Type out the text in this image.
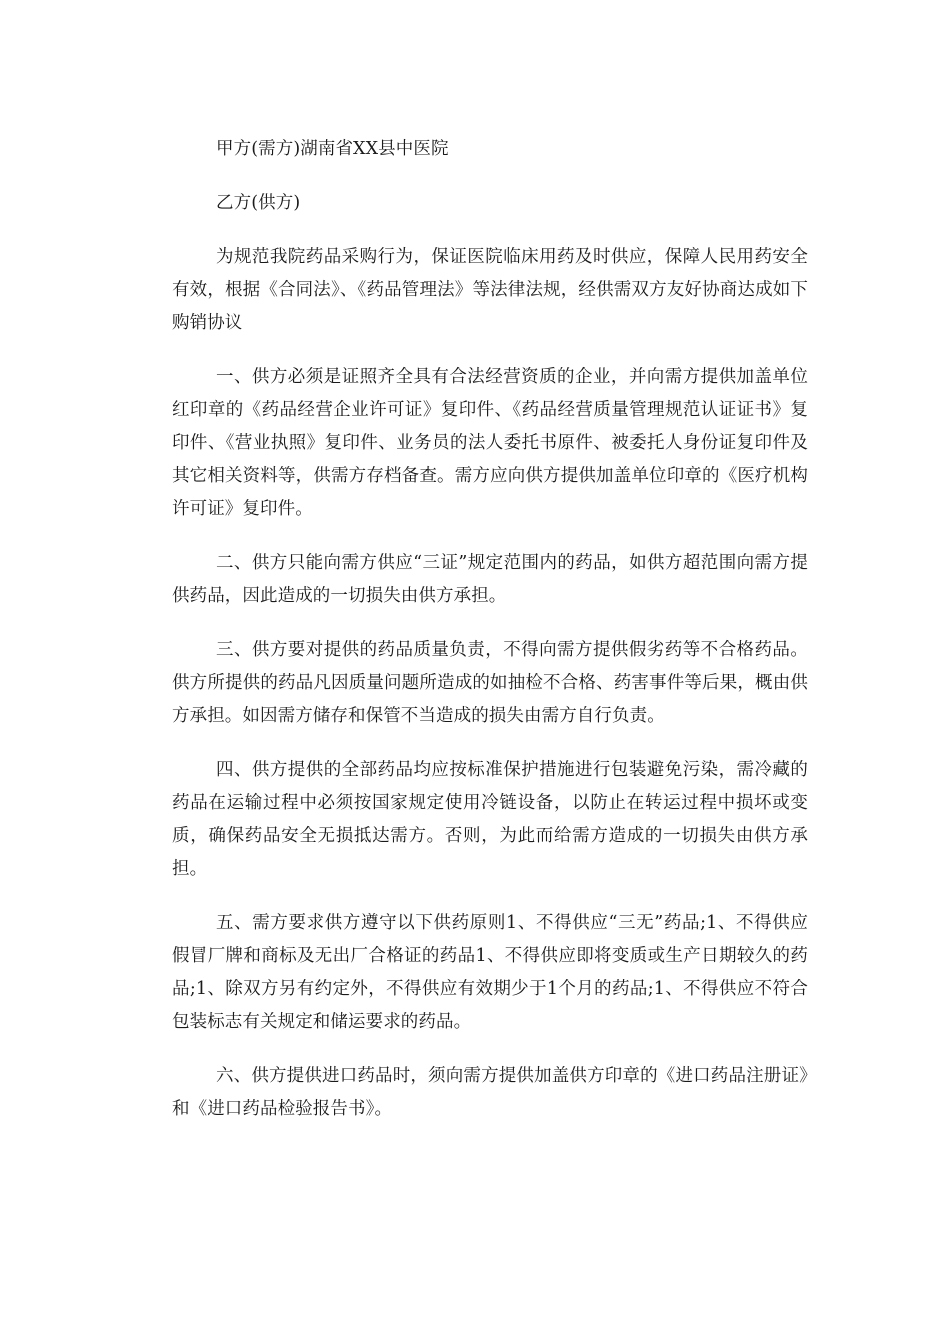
甲方(需方)湖南省XX县中医院

乙方(供方)

为规范我院药品采购行为，保证医院临床用药及时供应，保障人民用药安全有效，根据《合同法》、《药品管理法》等法律法规，经供需双方友好协商达成如下购销协议

一、供方必须是证照齐全具有合法经营资质的企业，并向需方提供加盖单位红印章的《药品经营企业许可证》复印件、《药品经营质量管理规范认证证书》复印件、《营业执照》复印件、业务员的法人委托书原件、被委托人身份证复印件及其它相关资料等，供需方存档备查。需方应向供方提供加盖单位印章的《医疗机构许可证》复印件。

二、供方只能向需方供应“三证”规定范围内的药品，如供方超范围向需方提供药品，因此造成的一切损失由供方承担。

三、供方要对提供的药品质量负责，不得向需方提供假劣药等不合格药品。供方所提供的药品凡因质量问题所造成的如抽检不合格、药害事件等后果，概由供方承担。如因需方储存和保管不当造成的损失由需方自行负责。

四、供方提供的全部药品均应按标准保护措施进行包装避免污染，需冷藏的药品在运输过程中必须按国家规定使用冷链设备，以防止在转运过程中损坏或变质，确保药品安全无损抵达需方。否则，为此而给需方造成的一切损失由供方承担。

五、需方要求供方遵守以下供药原则1、不得供应“三无”药品;1、不得供应假冒厂牌和商标及无出厂合格证的药品1、不得供应即将变质或生产日期较久的药品;1、除双方另有约定外，不得供应有效期少于1个月的药品;1、不得供应不符合包装标志有关规定和储运要求的药品。

六、供方提供进口药品时，须向需方提供加盖供方印章的《进口药品注册证》和《进口药品检验报告书》。
